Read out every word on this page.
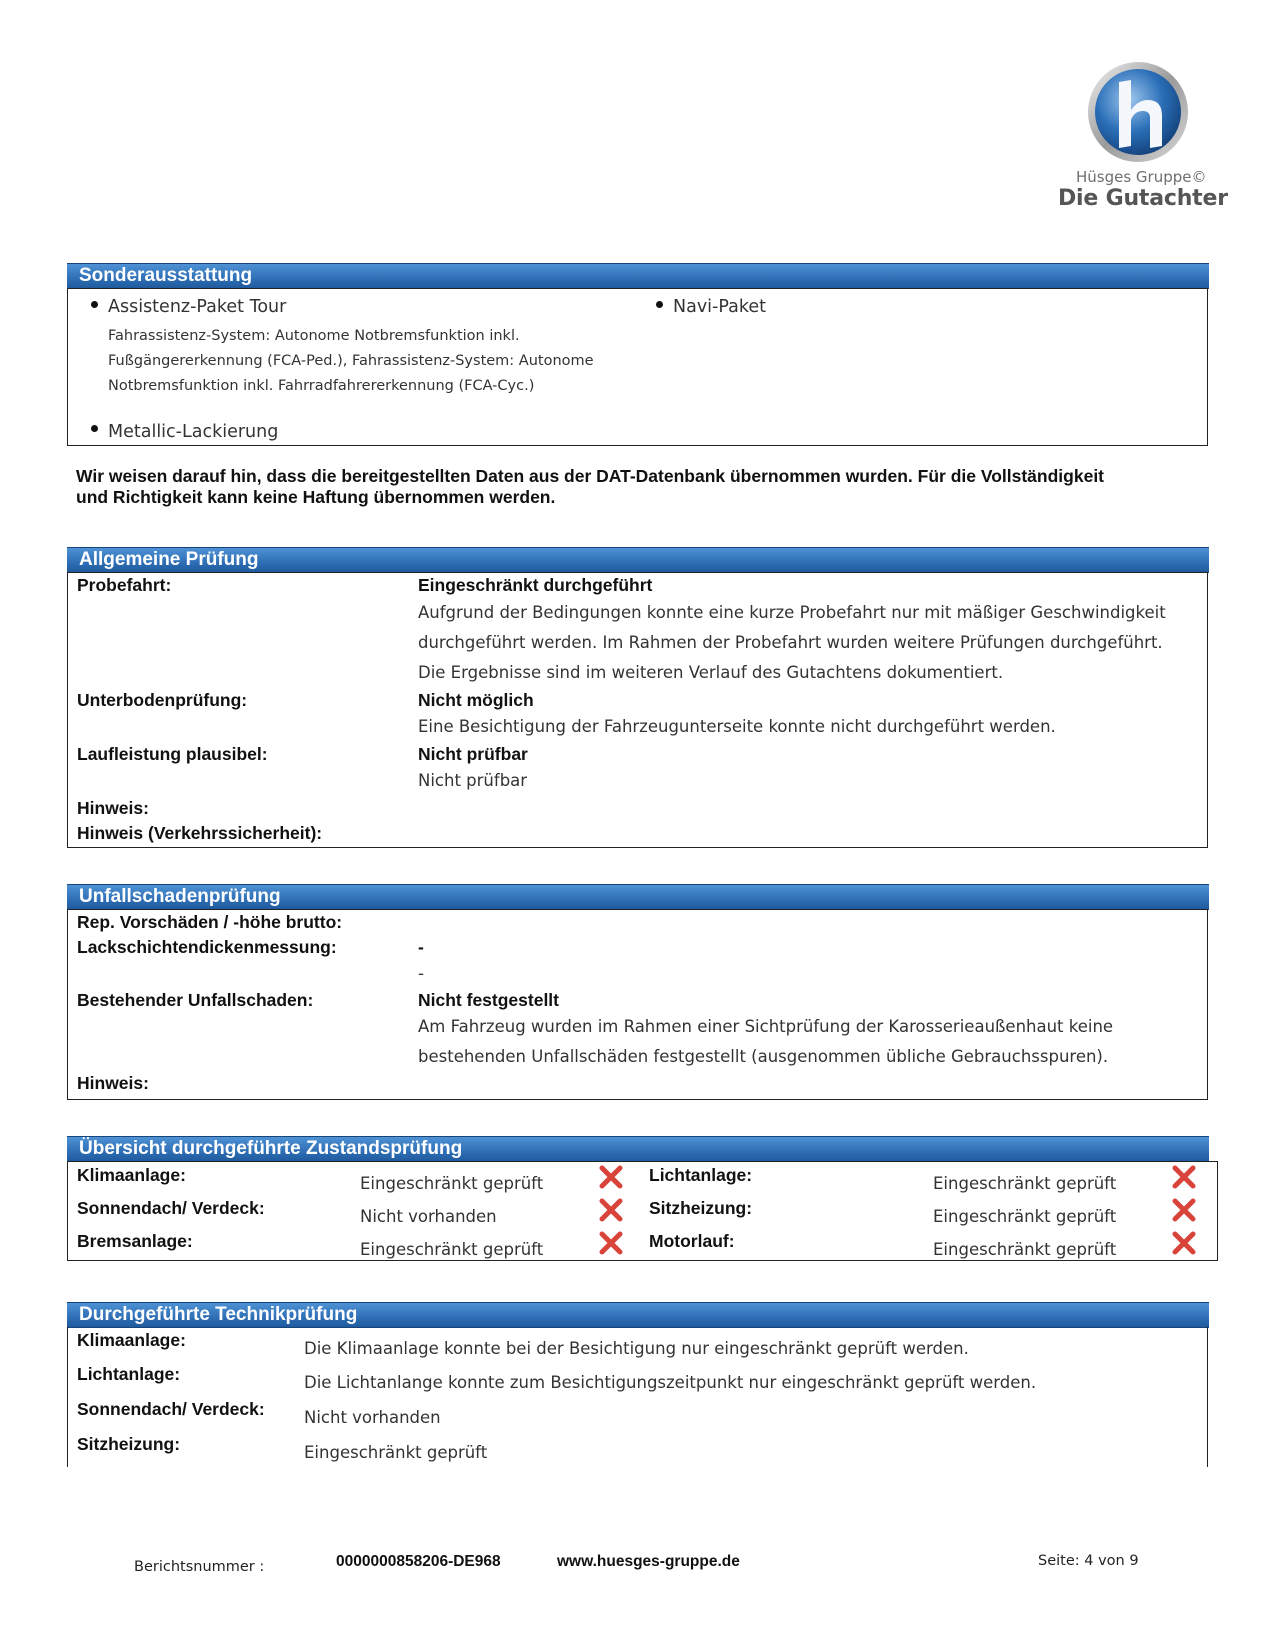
Hüsges Gruppe©
Die Gutachter
Sonderausstattung
Assistenz-Paket Tour
Fahrassistenz-System: Autonome Notbremsfunktion inkl.
Fußgängererkennung (FCA-Ped.), Fahrassistenz-System: Autonome
Notbremsfunktion inkl. Fahrradfahrererkennung (FCA-Cyc.)
Metallic-Lackierung
Navi-Paket
Wir weisen darauf hin, dass die bereitgestellten Daten aus der DAT-Datenbank übernommen wurden. Für die Vollständigkeit
und Richtigkeit kann keine Haftung übernommen werden.
Allgemeine Prüfung
Probefahrt:	Eingeschränkt durchgeführt
Aufgrund der Bedingungen konnte eine kurze Probefahrt nur mit mäßiger Geschwindigkeit
durchgeführt werden. Im Rahmen der Probefahrt wurden weitere Prüfungen durchgeführt.
Die Ergebnisse sind im weiteren Verlauf des Gutachtens dokumentiert.
Unterbodenprüfung:	Nicht möglich
Eine Besichtigung der Fahrzeugunterseite konnte nicht durchgeführt werden.
Laufleistung plausibel:	Nicht prüfbar
Nicht prüfbar
Hinweis:
Hinweis (Verkehrssicherheit):
Unfallschadenprüfung
Rep. Vorschäden / -höhe brutto:
Lackschichtendickenmessung:	-
-
Bestehender Unfallschaden:	Nicht festgestellt
Am Fahrzeug wurden im Rahmen einer Sichtprüfung der Karosserieaußenhaut keine
bestehenden Unfallschäden festgestellt (ausgenommen übliche Gebrauchsspuren).
Hinweis:
Übersicht durchgeführte Zustandsprüfung
Klimaanlage:	Eingeschränkt geprüft
Sonnendach/ Verdeck:	Nicht vorhanden
Bremsanlage:	Eingeschränkt geprüft
Lichtanlage:	Eingeschränkt geprüft
Sitzheizung:	Eingeschränkt geprüft
Motorlauf:	Eingeschränkt geprüft
Durchgeführte Technikprüfung
Klimaanlage:	Die Klimaanlage konnte bei der Besichtigung nur eingeschränkt geprüft werden.
Lichtanlage:	Die Lichtanlange konnte zum Besichtigungszeitpunkt nur eingeschränkt geprüft werden.
Sonnendach/ Verdeck: Nicht vorhanden
Sitzheizung:	Eingeschränkt geprüft
Berichtsnummer :	0000000858206-DE968	www.huesges-gruppe.de	Seite: 4 von 9
